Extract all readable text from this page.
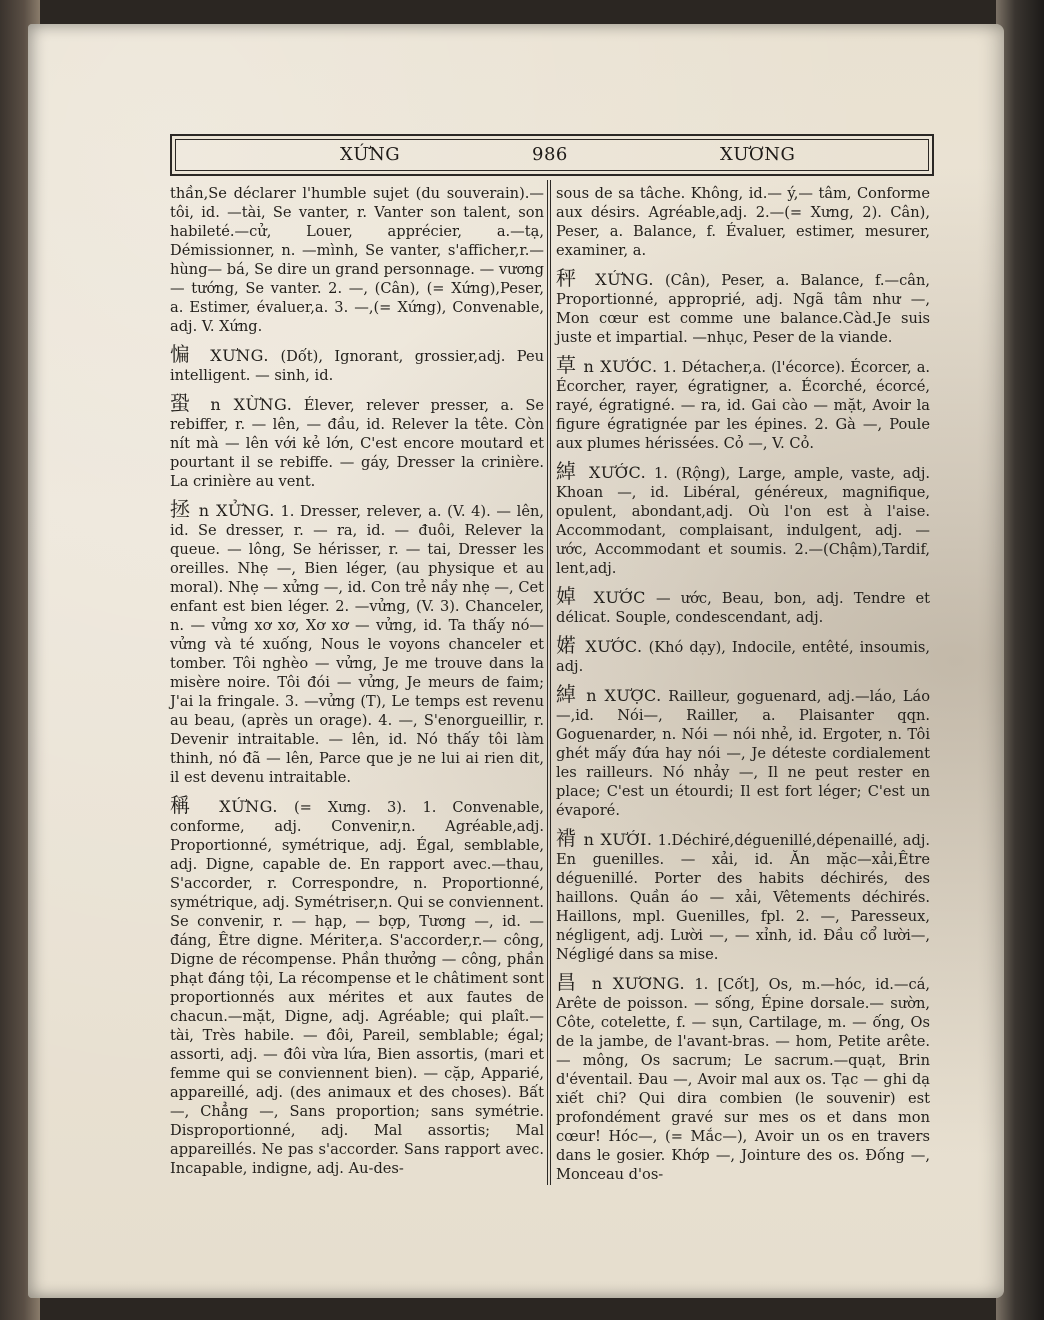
XỨNG	986	XƯƠNG

thần,Se déclarer l'humble sujet (du souverain).—tôi, id. —tài, Se vanter, r. Vanter son talent, son habileté.—cử, Louer, apprécier, a.—tạ, Démissionner, n. —mình, Se vanter, s'afficher,r.—hùng— bá, Se dire un grand personnage. — vương — tướng, Se vanter. 2. —, (Cân), (= Xứng),Peser, a. Estimer, évaluer,a. 3. —,(= Xứng), Convenable, adj. V. Xứng.

惼 XƯNG. (Dốt), Ignorant, grossier,adj. Peu intelligent. — sinh, id.

蛩 n XỪNG. Élever, relever presser, a. Se rebiffer, r. — lên, — đầu, id. Relever la tête. Còn nít mà — lên với kẻ lớn, C'est encore moutard et pourtant il se rebiffe. — gáy, Dresser la crinière. La crinière au vent.

拯 n XỬNG. 1. Dresser, relever, a. (V. 4). — lên, id. Se dresser, r. — ra, id. — đuôi, Relever la queue. — lông, Se hérisser, r. — tai, Dresser les oreilles. Nhẹ —, Bien léger, (au physique et au moral). Nhẹ — xửng —, id. Con trẻ nầy nhẹ —, Cet enfant est bien léger. 2. —vửng, (V. 3). Chanceler, n. — vửng xơ xơ, Xơ xơ — vửng, id. Ta thấy nó— vửng và té xuống, Nous le voyons chanceler et tomber. Tôi nghèo — vửng, Je me trouve dans la misère noire. Tôi đói — vửng, Je meurs de faim; J'ai la fringale. 3. —vửng (T), Le temps est revenu au beau, (après un orage). 4. —, S'enorgueillir, r. Devenir intraitable. — lên, id. Nó thấy tôi làm thinh, nó đã — lên, Parce que je ne lui ai rien dit, il est devenu intraitable.

稱 XỨNG. (= Xưng. 3). 1. Convenable, conforme, adj. Convenir,n. Agréable,adj. Proportionné, symétrique, adj. Égal, semblable, adj. Digne, capable de. En rapport avec.—thau, S'accorder, r. Correspondre, n. Proportionné, symétrique, adj. Symétriser,n. Qui se conviennent. Se convenir, r. — hạp, — bợp, Tương —, id. — đáng, Être digne. Mériter,a. S'accorder,r.— công, Digne de récompense. Phần thưởng — công, phần phạt đáng tội, La récompense et le châtiment sont proportionnés aux mérites et aux fautes de chacun.—mặt, Digne, adj. Agréable; qui plaît.—tài, Très habile. — đôi, Pareil, semblable; égal; assorti, adj. — đôi vừa lứa, Bien assortis, (mari et femme qui se conviennent bien). — cặp, Apparié, appareillé, adj. (des animaux et des choses). Bất —, Chẳng —, Sans proportion; sans symétrie. Disproportionné, adj. Mal assortis; Mal appareillés. Ne pas s'accorder. Sans rapport avec. Incapable, indigne, adj. Au-des-

sous de sa tâche. Không, id.— ý,— tâm, Conforme aux désirs. Agréable,adj. 2.—(= Xưng, 2). Cân), Peser, a. Balance, f. Évaluer, estimer, mesurer, examiner, a.

秤 XỨNG. (Cân), Peser, a. Balance, f.—cân, Proportionné, approprié, adj. Ngã tâm như —, Mon cœur est comme une balance.Càd.Je suis juste et impartial. —nhục, Peser de la viande.

草 n XƯỚC. 1. Détacher,a. (l'écorce). Écorcer, a. Écorcher, rayer, égratigner, a. Écorché, écorcé, rayé, égratigné. — ra, id. Gai cào — mặt, Avoir la figure égratignée par les épines. 2. Gà —, Poule aux plumes hérissées. Cỏ —, V. Cỏ.

綽 XƯỚC. 1. (Rộng), Large, ample, vaste, adj. Khoan —, id. Libéral, généreux, magnifique, opulent, abondant,adj. Où l'on est à l'aise. Accommodant, complaisant, indulgent, adj. — ước, Accommodant et soumis. 2.—(Chậm),Tardif, lent,adj.

婥 XƯỚC — ước, Beau, bon, adj. Tendre et délicat. Souple, condescendant, adj.

婼 XƯỚC. (Khó dạy), Indocile, entêté, insoumis, adj.

綽 n XƯỢC. Railleur, goguenard, adj.—láo, Láo—,id. Nói—, Railler, a. Plaisanter qqn. Goguenarder, n. Nói — nói nhẻ, id. Ergoter, n. Tôi ghét mấy đứa hay nói —, Je déteste cordialement les railleurs. Nó nhảy —, Il ne peut rester en place; C'est un étourdi; Il est fort léger; C'est un évaporé.

褙 n XƯỚI. 1.Déchiré,déguenillé,dépenaillé, adj. En guenilles. — xải, id. Ăn mặc—xải,Être déguenillé. Porter des habits déchirés, des haillons. Quần áo — xải, Vêtements déchirés. Haillons, mpl. Guenilles, fpl. 2. —, Paresseux, négligent, adj. Lười —, — xỉnh, id. Đầu cổ lười—, Négligé dans sa mise.

昌 n XƯƠNG. 1. [Cốt], Os, m.—hóc, id.—cá, Arête de poisson. — sống, Épine dorsale.— sườn, Côte, cotelette, f. — sụn, Cartilage, m. — ống, Os de la jambe, de l'avant-bras. — hom, Petite arête. — mông, Os sacrum; Le sacrum.—quạt, Brin d'éventail. Đau —, Avoir mal aux os. Tạc — ghi dạ xiết chi? Qui dira combien (le souvenir) est profondément gravé sur mes os et dans mon cœur! Hóc—, (= Mắc—), Avoir un os en travers dans le gosier. Khớp —, Jointure des os. Đống —, Monceau d'os-
